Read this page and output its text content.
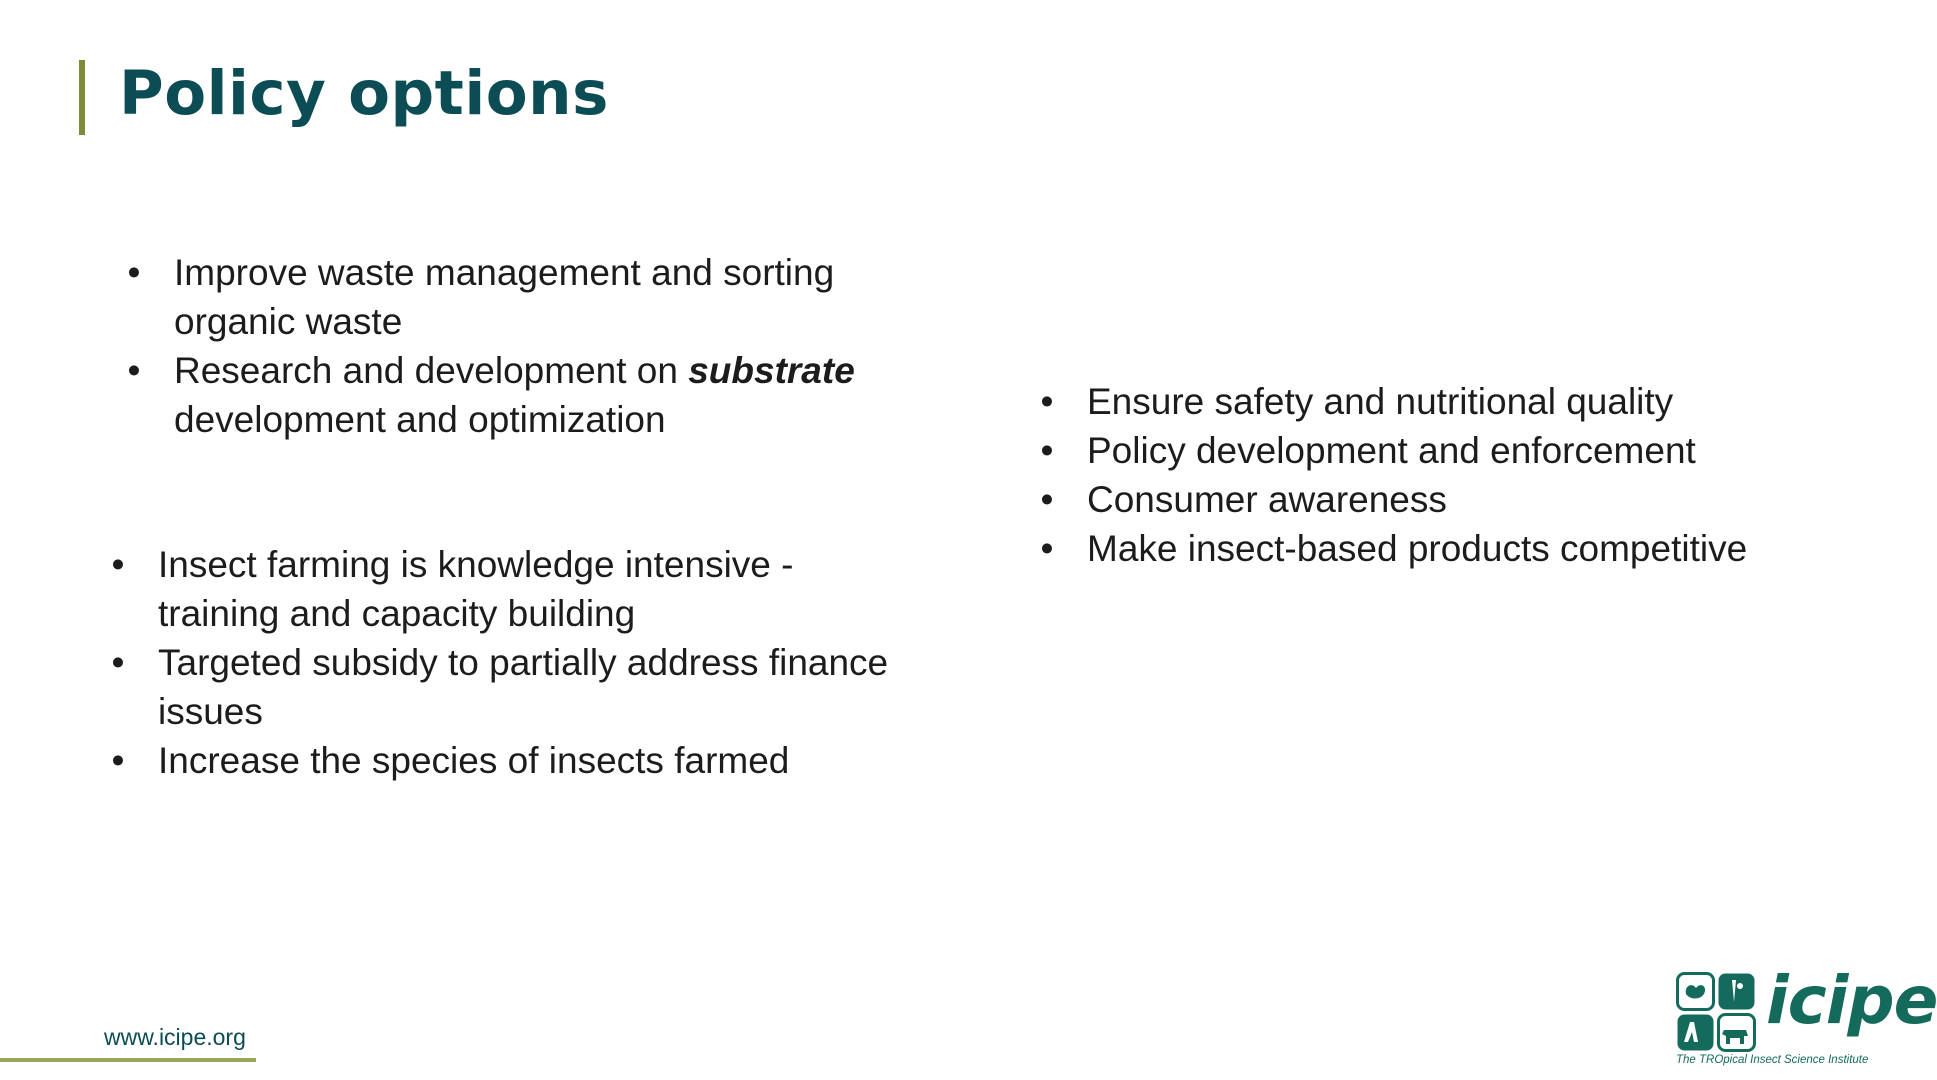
Policy options
• Improve waste management and sorting organic waste
• Research and development on substrate development and optimization
• Insect farming is knowledge intensive - training and capacity building
• Targeted subsidy to partially address finance issues
• Increase the species of insects farmed
• Ensure safety and nutritional quality
• Policy development and enforcement
• Consumer awareness
• Make insect-based products competitive
www.icipe.org	icipe
The TROpical Insect Science Institute
